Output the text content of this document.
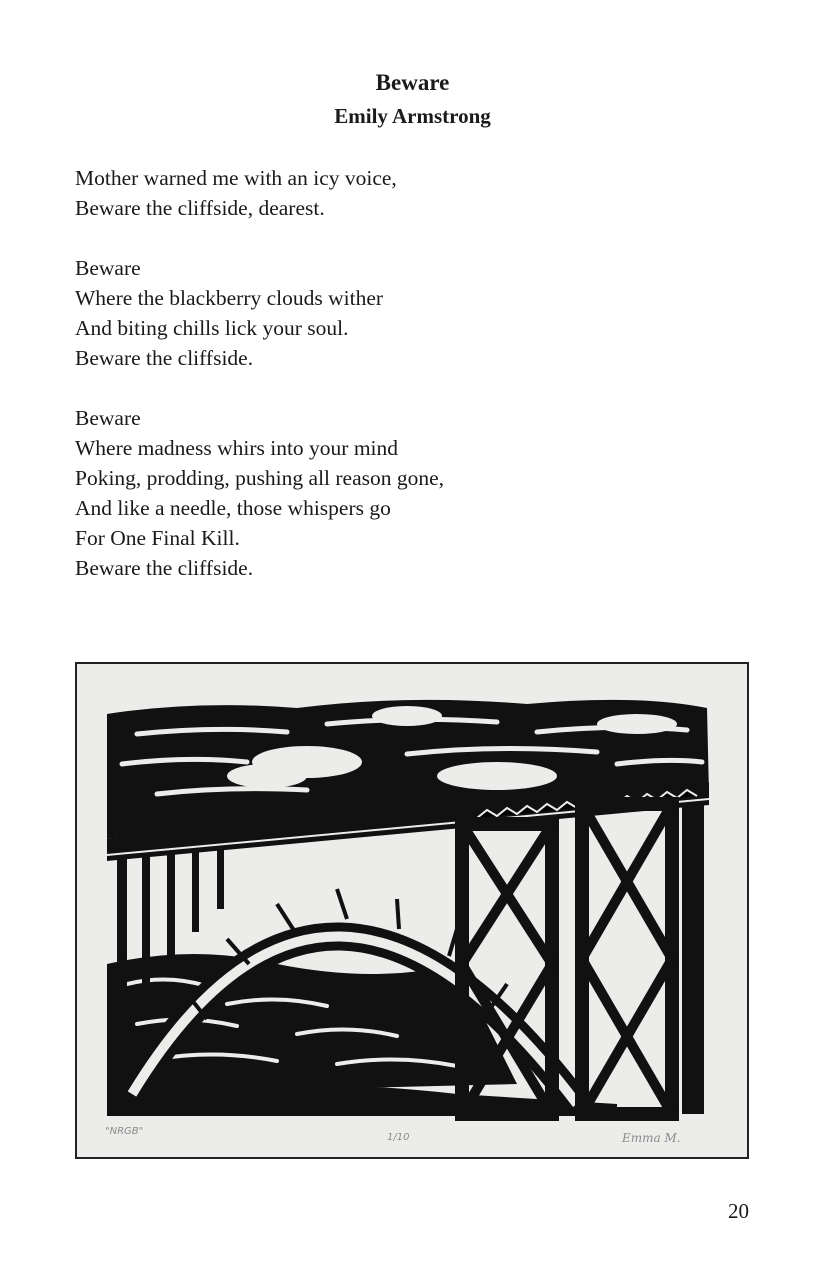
Beware
Emily Armstrong
Mother warned me with an icy voice,
Beware the cliffside, dearest.
Beware
Where the blackberry clouds wither
And biting chills lick your soul.
Beware the cliffside.
Beware
Where madness whirs into your mind
Poking, prodding, pushing all reason gone,
And like a needle, those whispers go
For One Final Kill.
Beware the cliffside.
"NRGB"
1/10	Emma M.
20
